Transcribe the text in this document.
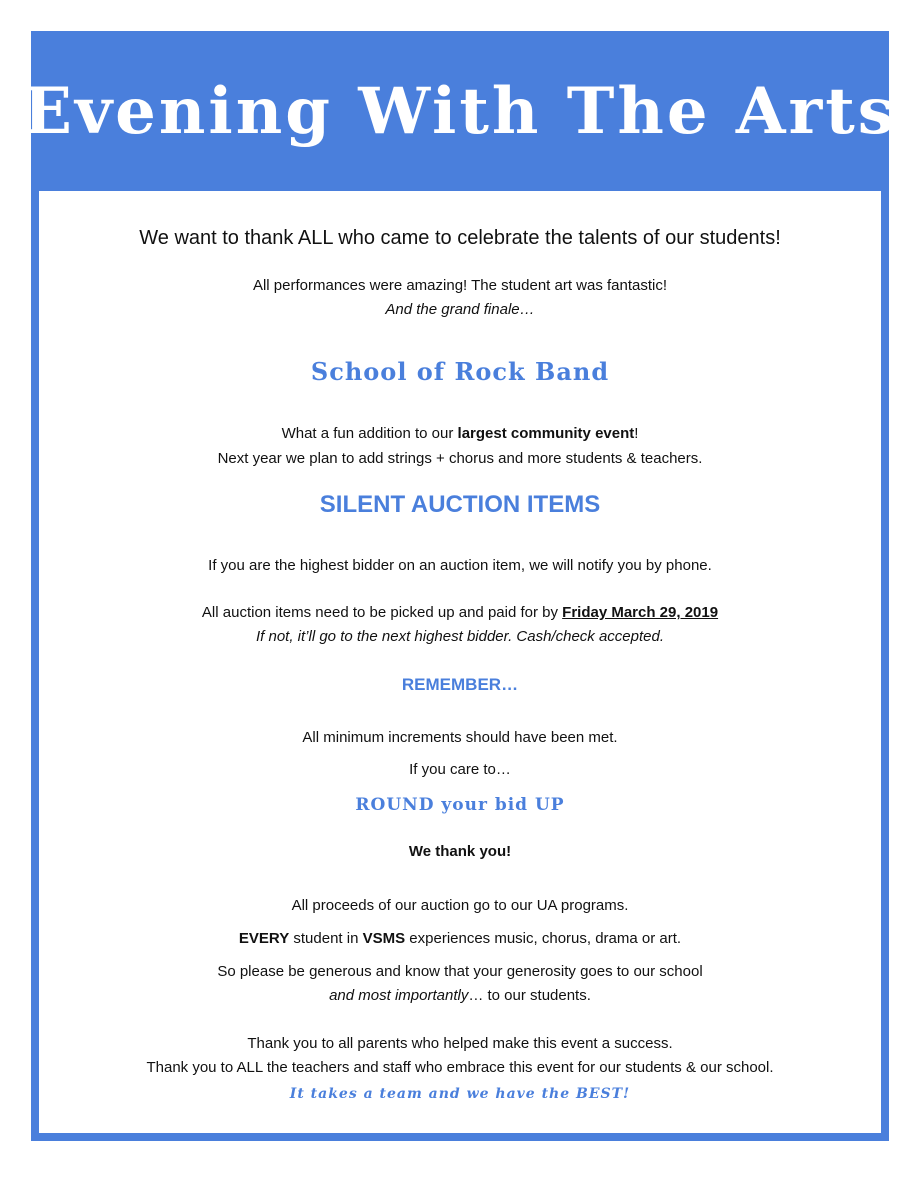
Evening With The Arts

We want to thank ALL who came to celebrate the talents of our students!

All performances were amazing! The student art was fantastic!

And the grand finale…

School of Rock Band

What a fun addition to our largest community event!

Next year we plan to add strings + chorus and more students & teachers.

SILENT AUCTION ITEMS

If you are the highest bidder on an auction item, we will notify you by phone.

All auction items need to be picked up and paid for by Friday March 29, 2019

If not, it’ll go to the next highest bidder. Cash/check accepted.

REMEMBER…

All minimum increments should have been met.

If you care to…

ROUND your bid UP

We thank you!

All proceeds of our auction go to our UA programs.

EVERY student in VSMS experiences music, chorus, drama or art.

So please be generous and know that your generosity goes to our school

and most importantly… to our students.

Thank you to all parents who helped make this event a success.

Thank you to ALL the teachers and staff who embrace this event for our students & our school.

It takes a team and we have the BEST!
